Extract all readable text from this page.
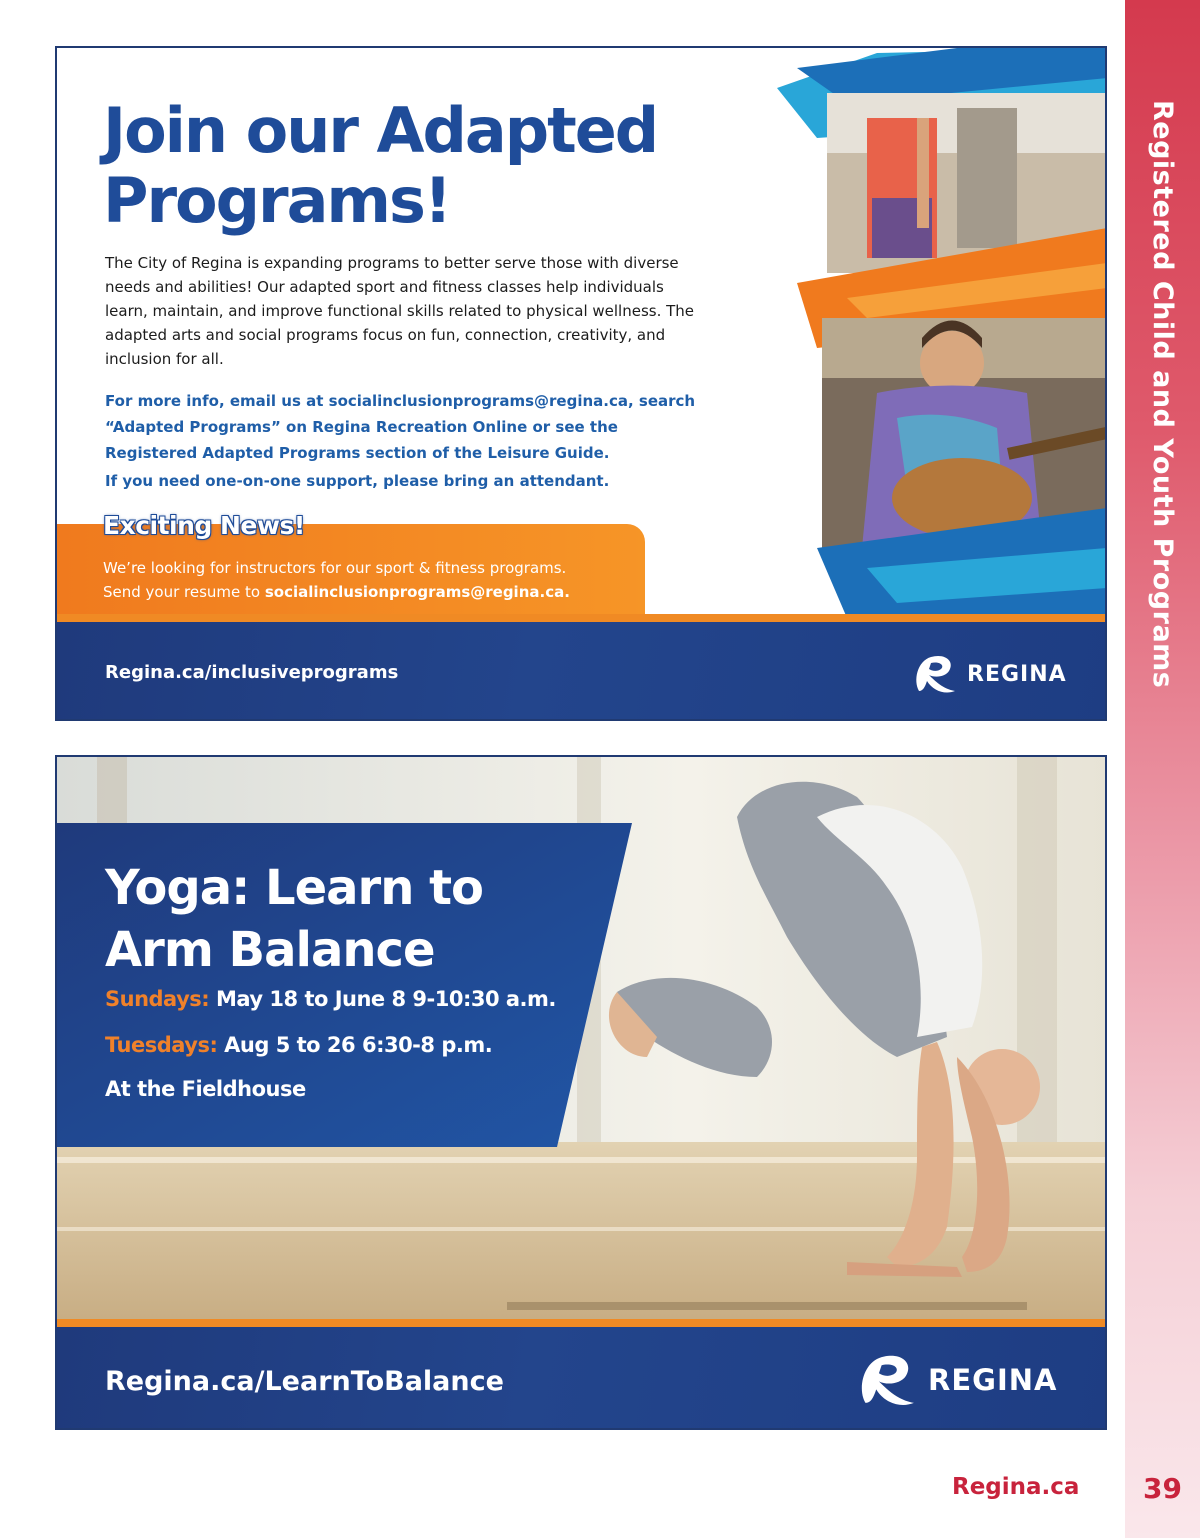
Registered Child and Youth Programs
Join our Adapted
Programs!

The City of Regina is expanding programs to better serve those with diverse needs and abilities! Our adapted sport and fitness classes help individuals learn, maintain, and improve functional skills related to physical wellness. The adapted arts and social programs focus on fun, connection, creativity, and inclusion for all.

For more info, email us at socialinclusionprograms@regina.ca, search “Adapted Programs” on Regina Recreation Online or see the Registered Adapted Programs section of the Leisure Guide.

If you need one-on-one support, please bring an attendant.

Exciting News!
We’re looking for instructors for our sport & fitness programs.
Send your resume to socialinclusionprograms@regina.ca.
Regina.ca/inclusiveprograms	REGINA
Yoga: Learn to
Arm Balance
Sundays: May 18 to June 8 9-10:30 a.m.
Tuesdays: Aug 5 to 26 6:30-8 p.m.
At the Fieldhouse
Regina.ca/LearnToBalance	REGINA
Regina.ca	39
